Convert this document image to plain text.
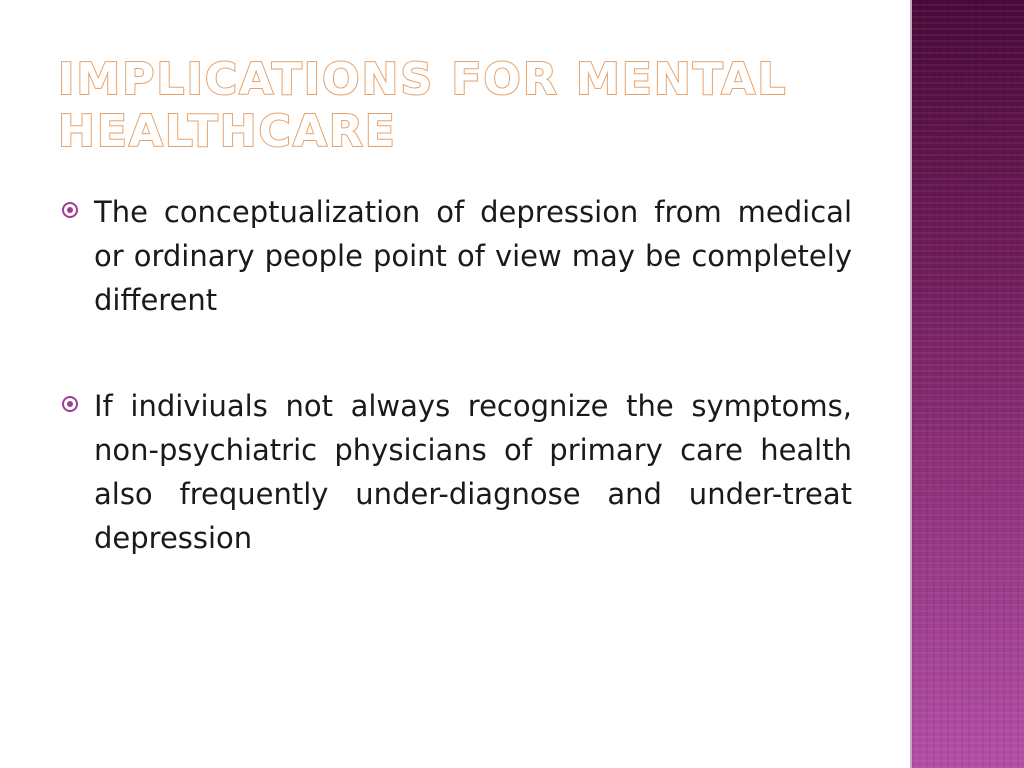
IMPLICATIONS FOR MENTAL HEALTHCARE
The conceptualization of depression from medical or ordinary people point of view may be completely different
If indiviuals not always recognize the symptoms, non-psychiatric physicians of primary care health also frequently under-diagnose and under-treat depression
